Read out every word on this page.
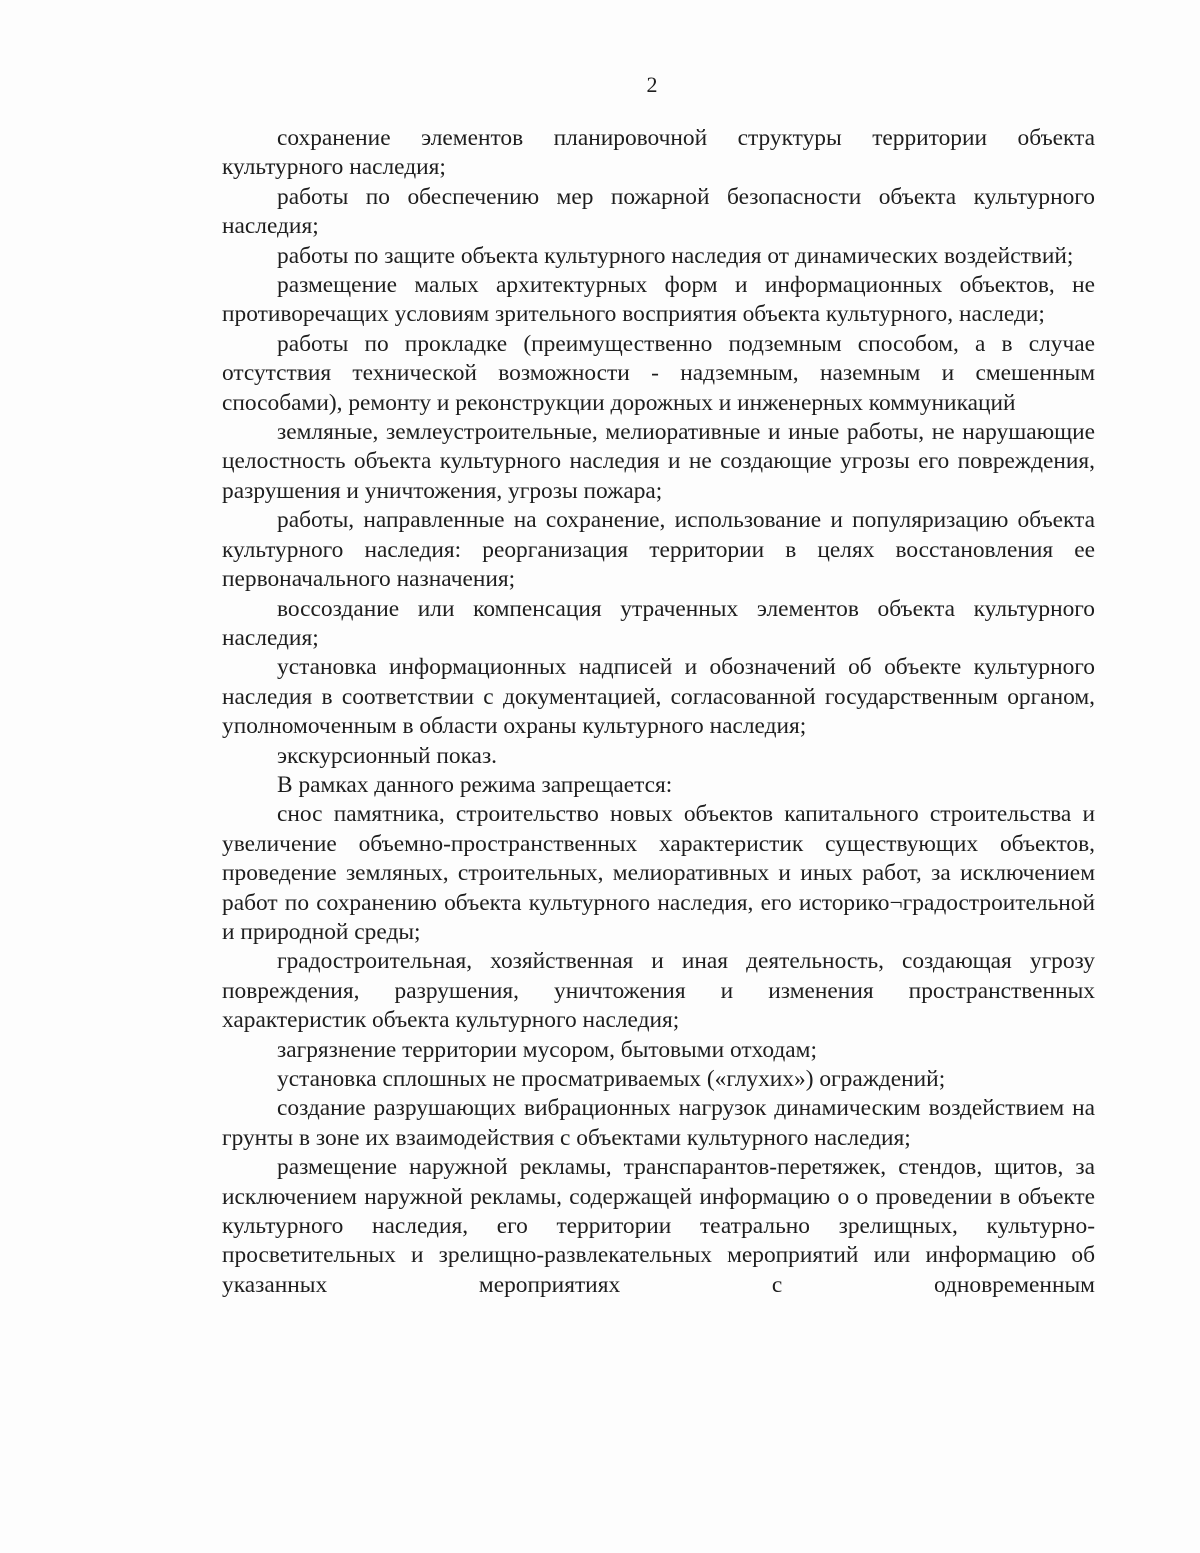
2

сохранение элементов планировочной структуры территории объекта культурного наследия;

работы по обеспечению мер пожарной безопасности объекта культурного наследия;

работы по защите объекта культурного наследия от динамических воздействий;

размещение малых архитектурных форм и информационных объектов, не противоречащих условиям зрительного восприятия объекта культурного, наследи;

работы по прокладке (преимущественно подземным способом, а в случае отсутствия технической возможности - надземным, наземным и смешенным способами), ремонту и реконструкции дорожных и инженерных коммуникаций

земляные, землеустроительные, мелиоративные и иные работы, не нарушающие целостность объекта культурного наследия и не создающие угрозы его повреждения, разрушения и уничтожения, угрозы пожара;

работы, направленные на сохранение, использование и популяризацию объекта культурного наследия: реорганизация территории в целях восстановления ее первоначального назначения;

воссоздание или компенсация утраченных элементов объекта культурного наследия;

установка информационных надписей и обозначений об объекте культурного наследия в соответствии с документацией, согласованной государственным органом, уполномоченным в области охраны культурного наследия;

экскурсионный показ.

В рамках данного режима запрещается:

снос памятника, строительство новых объектов капитального строительства и увеличение объемно-пространственных характеристик существующих объектов, проведение земляных, строительных, мелиоративных и иных работ, за исключением работ по сохранению объекта культурного наследия, его историко¬градостроительной и природной среды;

градостроительная, хозяйственная и иная деятельность, создающая угрозу повреждения, разрушения, уничтожения и изменения пространственных характеристик объекта культурного наследия;

загрязнение территории мусором, бытовыми отходам;

установка сплошных не просматриваемых («глухих») ограждений;

создание разрушающих вибрационных нагрузок динамическим воздействием на грунты в зоне их взаимодействия с объектами культурного наследия;

размещение наружной рекламы, транспарантов-перетяжек, стендов, щитов, за исключением наружной рекламы, содержащей информацию о о проведении в объекте культурного наследия, его территории театрально зрелищных, культурно-просветительных и зрелищно-развлекательных мероприятий или информацию об указанных мероприятиях с одновременным
